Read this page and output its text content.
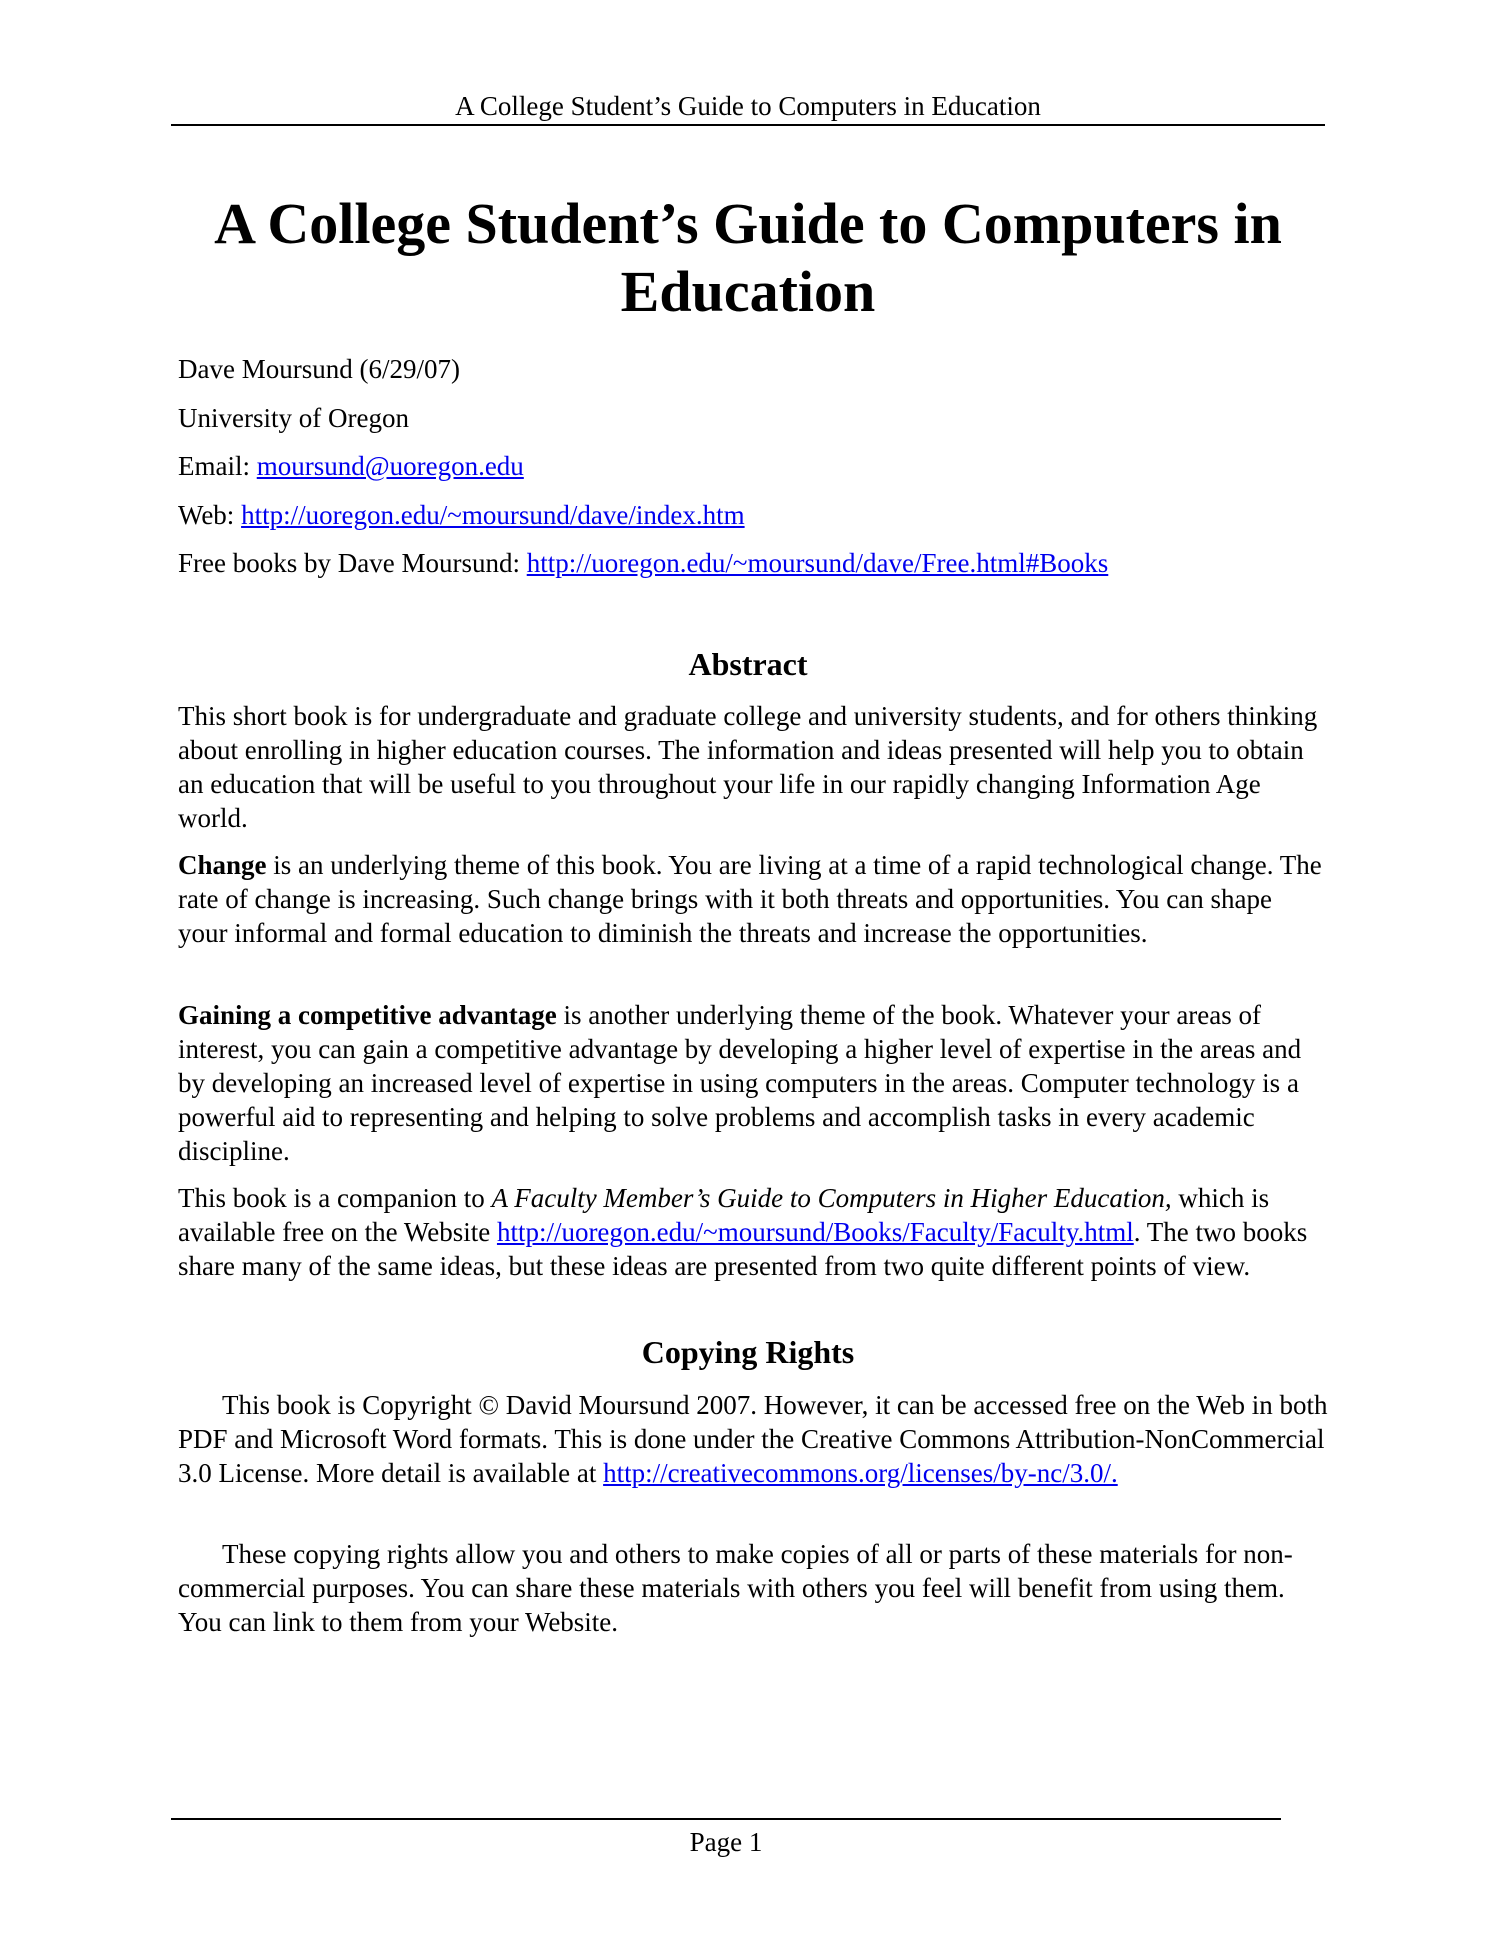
A College Student’s Guide to Computers in Education
A College Student’s Guide to Computers in Education
Dave Moursund (6/29/07)
University of Oregon
Email: moursund@uoregon.edu
Web: http://uoregon.edu/~moursund/dave/index.htm
Free books by Dave Moursund: http://uoregon.edu/~moursund/dave/Free.html#Books
Abstract

This short book is for undergraduate and graduate college and university students, and for others thinking about enrolling in higher education courses. The information and ideas presented will help you to obtain an education that will be useful to you throughout your life in our rapidly changing Information Age world.

Change is an underlying theme of this book. You are living at a time of a rapid technological change. The rate of change is increasing. Such change brings with it both threats and opportunities. You can shape your informal and formal education to diminish the threats and increase the opportunities.

Gaining a competitive advantage is another underlying theme of the book. Whatever your areas of interest, you can gain a competitive advantage by developing a higher level of expertise in the areas and by developing an increased level of expertise in using computers in the areas. Computer technology is a powerful aid to representing and helping to solve problems and accomplish tasks in every academic discipline.

This book is a companion to A Faculty Member’s Guide to Computers in Higher Education, which is available free on the Website http://uoregon.edu/~moursund/Books/Faculty/Faculty.html. The two books share many of the same ideas, but these ideas are presented from two quite different points of view.

Copying Rights

This book is Copyright © David Moursund 2007. However, it can be accessed free on the Web in both PDF and Microsoft Word formats. This is done under the Creative Commons Attribution-NonCommercial 3.0 License. More detail is available at http://creativecommons.org/licenses/by-nc/3.0/.

These copying rights allow you and others to make copies of all or parts of these materials for non-commercial purposes. You can share these materials with others you feel will benefit from using them. You can link to them from your Website.

Page 1
